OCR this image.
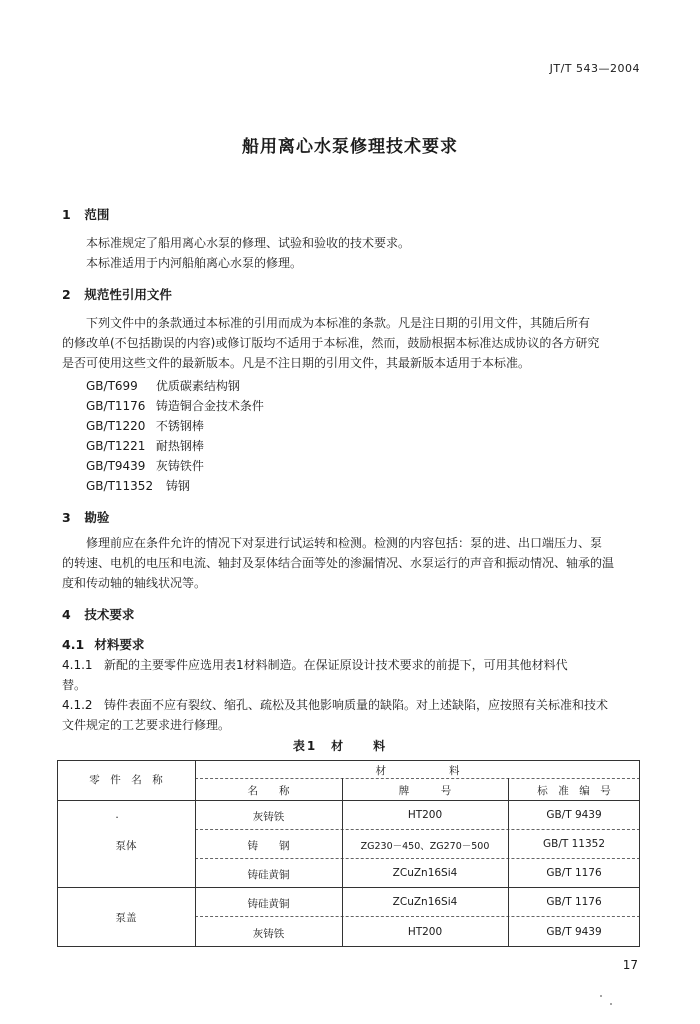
JT/T 543—2004
船用离心水泵修理技术要求
1 范围
本标准规定了船用离心水泵的修理、试验和验收的技术要求。
本标准适用于内河船舶离心水泵的修理。
2 规范性引用文件
下列文件中的条款通过本标准的引用而成为本标准的条款。凡是注日期的引用文件，其随后所有
的修改单(不包括勘误的内容)或修订版均不适用于本标准，然而，鼓励根据本标准达成协议的各方研究
是否可使用这些文件的最新版本。凡是不注日期的引用文件，其最新版本适用于本标准。
GB/T699 优质碳素结构钢
GB/T1176 铸造铜合金技术条件
GB/T1220 不锈钢棒
GB/T1221 耐热钢棒
GB/T9439 灰铸铁件
GB/T11352 铸钢
3 勘验
修理前应在条件允许的情况下对泵进行试运转和检测。检测的内容包括：泵的进、出口端压力、泵
的转速、电机的电压和电流、轴封及泵体结合面等处的渗漏情况、水泵运行的声音和振动情况、轴承的温
度和传动轴的轴线状况等。
4 技术要求
4.1 材料要求
4.1.1 新配的主要零件应选用表1材料制造。在保证原设计技术要求的前提下，可用其他材料代
替。
4.1.2 铸件表面不应有裂纹、缩孔、疏松及其他影响质量的缺陷。对上述缺陷，应按照有关标准和技术
文件规定的工艺要求进行修理。
表1　材　　料
零　件　名　称
材　　　　　　料
名　　称	牌　　　号	标　准　编　号
·
泵体
灰铸铁	HT200	GB/T 9439
铸　　钢	ZG230－450、ZG270－500	GB/T 11352
铸硅黄铜	ZCuZn16Si4	GB/T 1176
泵盖
铸硅黄铜	ZCuZn16Si4	GB/T 1176
灰铸铁	HT200	GB/T 9439
17
